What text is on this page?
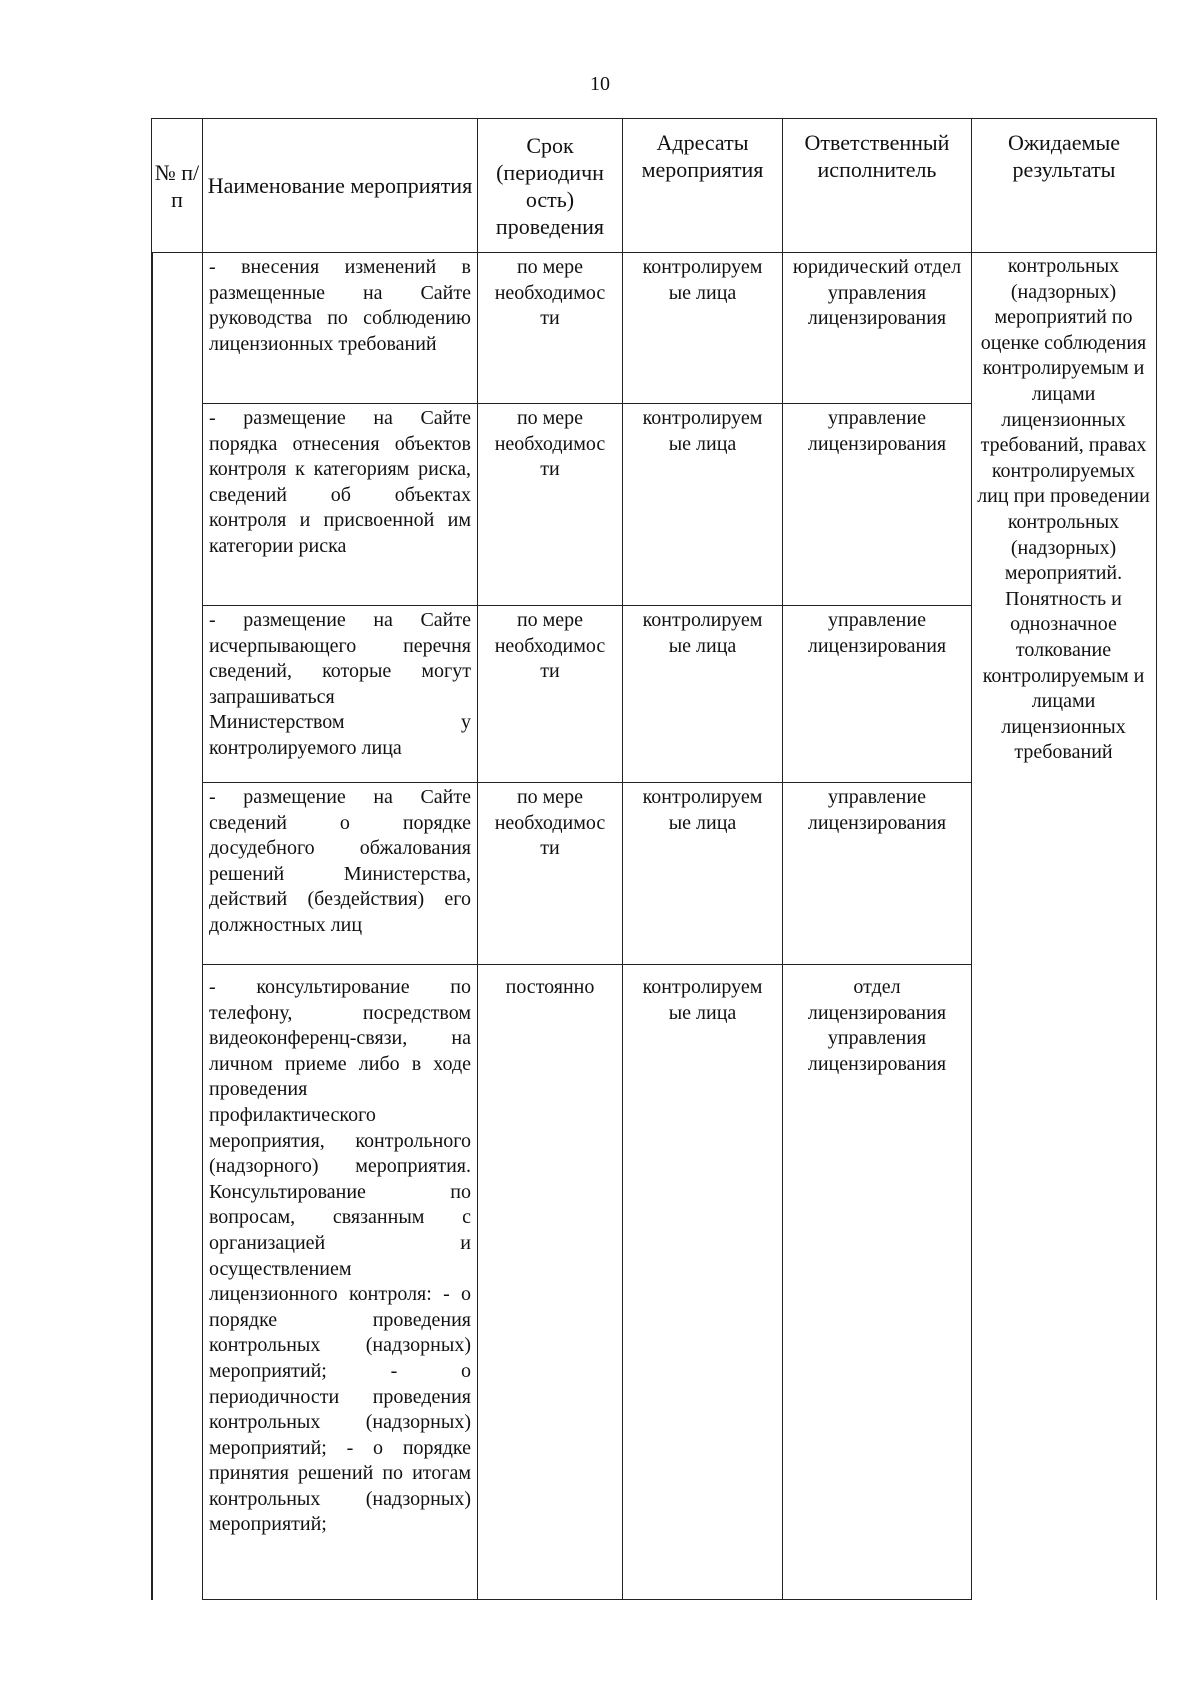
10
№ п/п
Наименование мероприятия
Срок (периодичн ость) проведения
Адресаты мероприятия
Ответственный исполнитель
Ожидаемые результаты
- внесения изменений в размещенные на Сайте руководства по соблюдению лицензионных требований
по мере необходимос ти
контролируем ые лица
юридический отдел управления лицензирования
- размещение на Сайте порядка отнесения объектов контроля к категориям риска, сведений об объектах контроля и присвоенной им категории риска
по мере необходимос ти
контролируем ые лица
управление лицензирования
- размещение на Сайте исчерпывающего перечня сведений, которые могут запрашиваться Министерством у контролируемого лица
по мере необходимос ти
контролируем ые лица
управление лицензирования
- размещение на Сайте сведений о порядке досудебного обжалования решений Министерства, действий (бездействия) его должностных лиц
по мере необходимос ти
контролируем ые лица
управление лицензирования
- консультирование по телефону, посредством видеоконференц-связи, на личном приеме либо в ходе проведения профилактического мероприятия, контрольного (надзорного) мероприятия. Консультирование по вопросам, связанным с организацией и осуществлением лицензионного контроля: - о порядке проведения контрольных (надзорных) мероприятий; - о периодичности проведения контрольных (надзорных) мероприятий; - о порядке принятия решений по итогам контрольных (надзорных) мероприятий;
постоянно	контролируем ые лица
отдел лицензирования управления лицензирования
контрольных (надзорных) мероприятий по оценке соблюдения контролируемым и лицами лицензионных требований, правах контролируемых лиц при проведении контрольных (надзорных) мероприятий. Понятность и однозначное толкование контролируемым и лицами лицензионных требований
